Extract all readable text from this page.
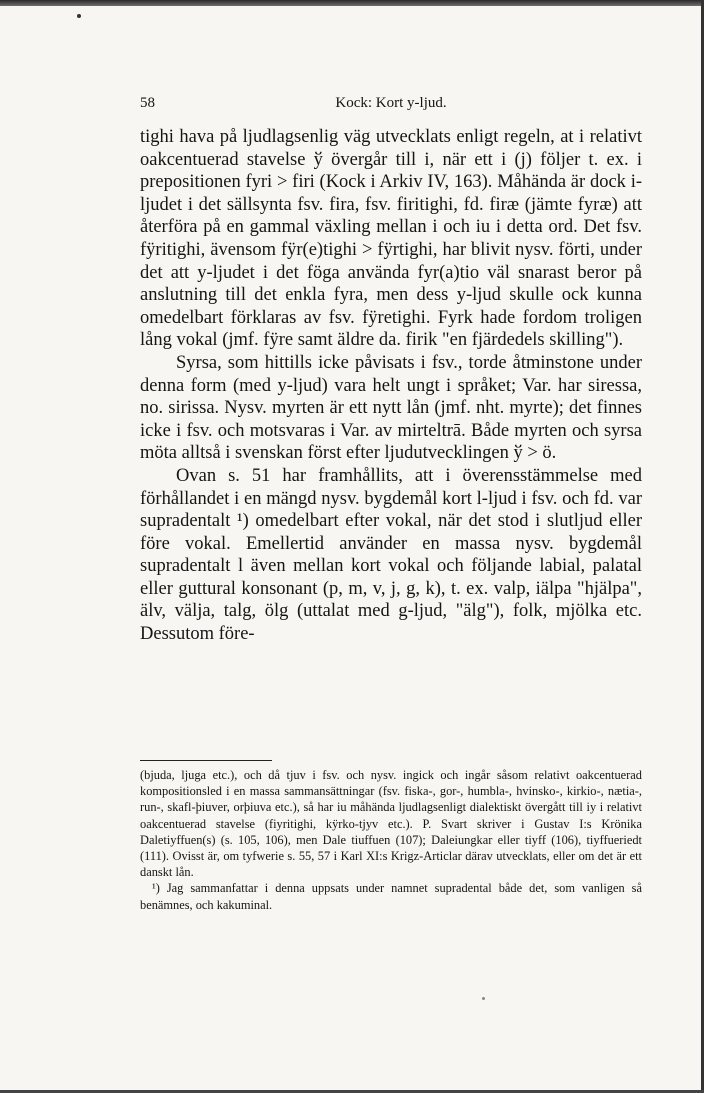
58	Kock: Kort y-ljud.

tighi hava på ljudlagsenlig väg utvecklats enligt regeln, at i relativt oakcentuerad stavelse ў övergår till i, när ett i (j) följer t. ex. i prepositionen fyri > firi (Kock i Arkiv IV, 163). Måhända är dock i-ljudet i det sällsynta fsv. fira, fsv. firitighi, fd. firæ (jämte fyræ) att återföra på en gammal växling mellan i och iu i detta ord. Det fsv. fÿritighi, ävensom fÿr(e)tighi > fÿrtighi, har blivit nysv. förti, under det att y-ljudet i det föga använda fyr(a)tio väl snarast beror på anslutning till det enkla fyra, men dess y-ljud skulle ock kunna omedelbart förklaras av fsv. fÿretighi. Fyrk hade fordom troligen lång vokal (jmf. fÿre samt äldre da. firik "en fjärdedels skilling").

Syrsa, som hittills icke påvisats i fsv., torde åtminstone under denna form (med y-ljud) vara helt ungt i språket; Var. har siressa, no. sirissa. Nysv. myrten är ett nytt lån (jmf. nht. myrte); det finnes icke i fsv. och motsvaras i Var. av mirteltrā. Både myrten och syrsa möta alltså i svenskan först efter ljudutvecklingen ў > ö.

Ovan s. 51 har framhållits, att i överensstämmelse med förhållandet i en mängd nysv. bygdemål kort l-ljud i fsv. och fd. var supradentalt ¹) omedelbart efter vokal, när det stod i slutljud eller före vokal. Emellertid använder en massa nysv. bygdemål supradentalt l även mellan kort vokal och följande labial, palatal eller guttural konsonant (p, m, v, j, g, k), t. ex. valp, iälpa "hjälpa", älv, välja, talg, ölg (uttalat med g-ljud, "älg"), folk, mjölka etc. Dessutom före-

(bjuda, ljuga etc.), och då tjuv i fsv. och nysv. ingick och ingår såsom relativt oakcentuerad kompositionsled i en massa sammansättningar (fsv. fiska-, gor-, humbla-, hvinsko-, kirkio-, nætia-, run-, skafl-þiuver, orþiuva etc.), så har iu måhända ljudlagsenligt dialektiskt övergått till iy i relativt oakcentuerad stavelse (fiyritighi, kÿrko-tjyv etc.). P. Svart skriver i Gustav I:s Krönika Daletiyffuen(s) (s. 105, 106), men Dale tiuffuen (107); Daleiungkar eller tiyff (106), tiyffueriedt (111). Ovisst är, om tyfwerie s. 55, 57 i Karl XI:s Krigz-Articlar därav utvecklats, eller om det är ett danskt lån.

¹) Jag sammanfattar i denna uppsats under namnet supradental både det, som vanligen så benämnes, och kakuminal.
